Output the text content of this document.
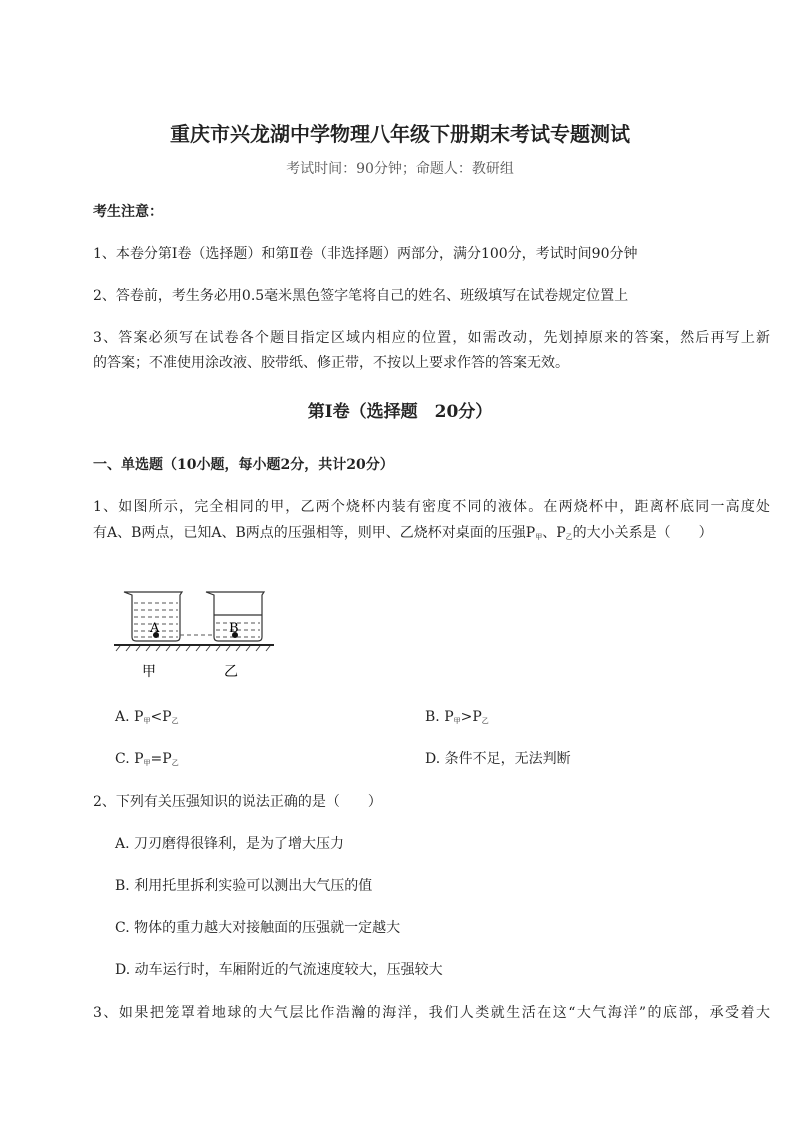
重庆市兴龙湖中学物理八年级下册期末考试专题测试
考试时间：90分钟；命题人：教研组
考生注意：
1、本卷分第I卷（选择题）和第Ⅱ卷（非选择题）两部分，满分100分，考试时间90分钟
2、答卷前，考生务必用0.5毫米黑色签字笔将自己的姓名、班级填写在试卷规定位置上
3、答案必须写在试卷各个题目指定区域内相应的位置，如需改动，先划掉原来的答案，然后再写上新
的答案；不准使用涂改液、胶带纸、修正带，不按以上要求作答的答案无效。
第I卷（选择题　20分）
一、单选题（10小题，每小题2分，共计20分）
1、如图所示，完全相同的甲，乙两个烧杯内装有密度不同的液体。在两烧杯中，距离杯底同一高度处
有A、B两点，已知A、B两点的压强相等，则甲、乙烧杯对桌面的压强$P_甲$、$P_乙$的大小关系是（　　）
A	B
甲	乙
A. $P_甲<P_乙$	B. $P_甲>P_乙$
C. $P_甲=P_乙$	D. 条件不足，无法判断
2、下列有关压强知识的说法正确的是（　　）
A. 刀刃磨得很锋利，是为了增大压力
B. 利用托里拆利实验可以测出大气压的值
C. 物体的重力越大对接触面的压强就一定越大
D. 动车运行时，车厢附近的气流速度较大，压强较大
3、如果把笼罩着地球的大气层比作浩瀚的海洋，我们人类就生活在这“大气海洋”的底部，承受着大
